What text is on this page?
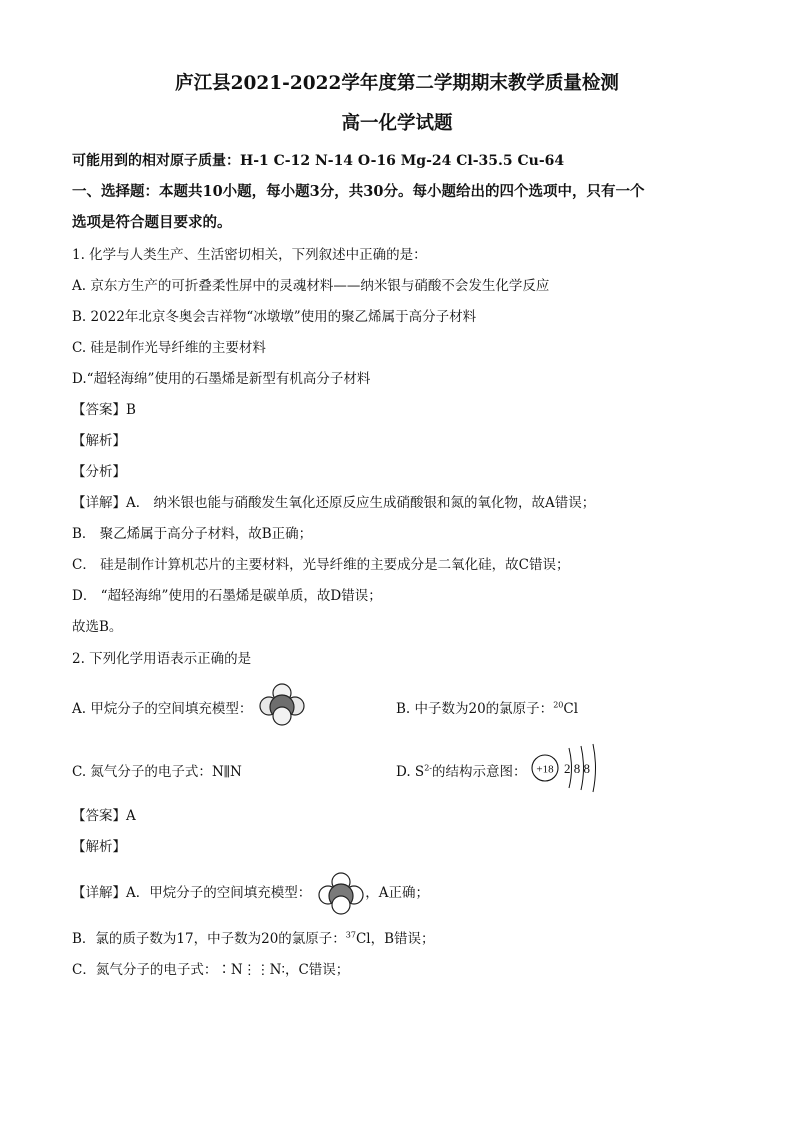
庐江县2021-2022学年度第二学期期末教学质量检测
高一化学试题
可能用到的相对原子质量：H-1 C-12 N-14 O-16 Mg-24 Cl-35.5 Cu-64
一、选择题：本题共10小题，每小题3分，共30分。每小题给出的四个选项中，只有一个
选项是符合题目要求的。
1. 化学与人类生产、生活密切相关，下列叙述中正确的是：
A. 京东方生产的可折叠柔性屏中的灵魂材料——纳米银与硝酸不会发生化学反应
B. 2022年北京冬奥会吉祥物“冰墩墩”使用的聚乙烯属于高分子材料
C. 硅是制作光导纤维的主要材料
D.“超轻海绵”使用的石墨烯是新型有机高分子材料
【答案】B
【解析】
【分析】
【详解】A． 纳米银也能与硝酸发生氧化还原反应生成硝酸银和氮的氧化物，故A错误；
B． 聚乙烯属于高分子材料，故B正确；
C． 硅是制作计算机芯片的主要材料，光导纤维的主要成分是二氧化硅，故C错误；
D． “超轻海绵”使用的石墨烯是碳单质，故D错误；
故选B。
2. 下列化学用语表示正确的是
A. 甲烷分子的空间填充模型：	B. 中子数为20的氯原子：$^{20}$Cl
C. 氮气分子的电子式：N⫼N	D. $S^{2-}$的结构示意图： +18 2 8 8
【答案】A
【解析】
【详解】A．甲烷分子的空间填充模型：	，A正确；
B．氯的质子数为17，中子数为20的氯原子：$^{37}$Cl，B错误；
C．氮气分子的电子式：∶N⋮⋮N∶，C错误；
